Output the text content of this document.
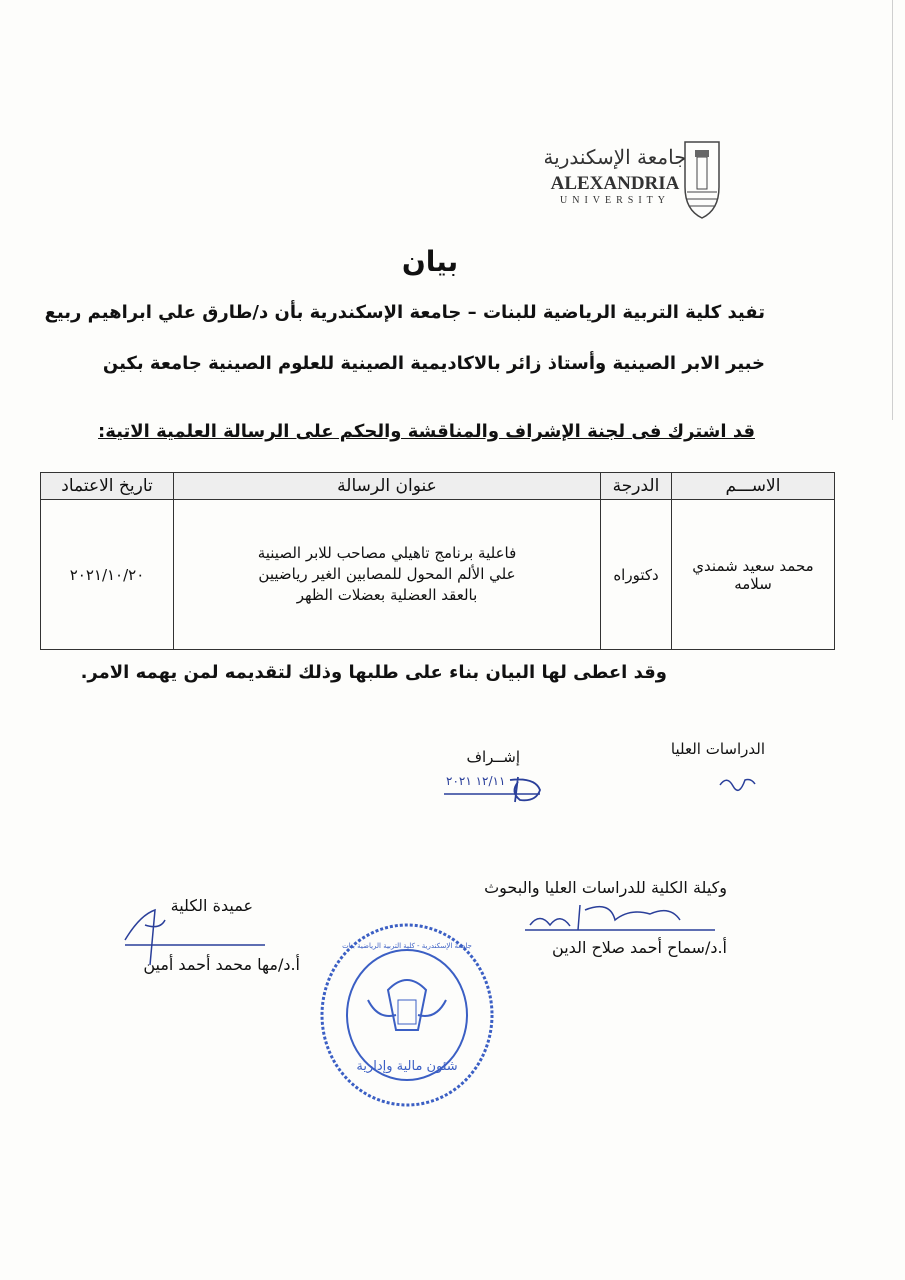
جامعة الإسكندرية
ALEXANDRIA
UNIVERSITY
بيان
تفيد كلية التربية الرياضية للبنات – جامعة الإسكندرية بأن د/طارق علي ابراهيم ربيع
خبير الابر الصينية وأستاذ زائر بالاكاديمية الصينية للعلوم الصينية جامعة بكين
قد اشترك فى لجنة الإشراف والمناقشة والحكم على الرسالة العلمية الاتية:
الاســـم	الدرجة	عنوان الرسالة	تاريخ الاعتماد
محمد سعيد شمندي سلامه	دكتوراه	فاعلية برنامج تاهيلي مصاحب للابر الصينية علي الألم المحول للمصابين الغير رياضيين بالعقد العضلية بعضلات الظهر	٢٠٢١/١٠/٢٠
وقد اعطى لها البيان بناء على طلبها وذلك لتقديمه لمن يهمه الامر.
الدراسات العليا
إشــراف
١٢/١١ ٢٠٢١
وكيلة الكلية للدراسات العليا والبحوث
أ.د/سماح أحمد صلاح الدين
عميدة الكلية
أ.د/مها محمد أحمد أمين
شئون مالية وإدارية
جامعة الإسكندرية - كلية التربية الرياضية بنات
